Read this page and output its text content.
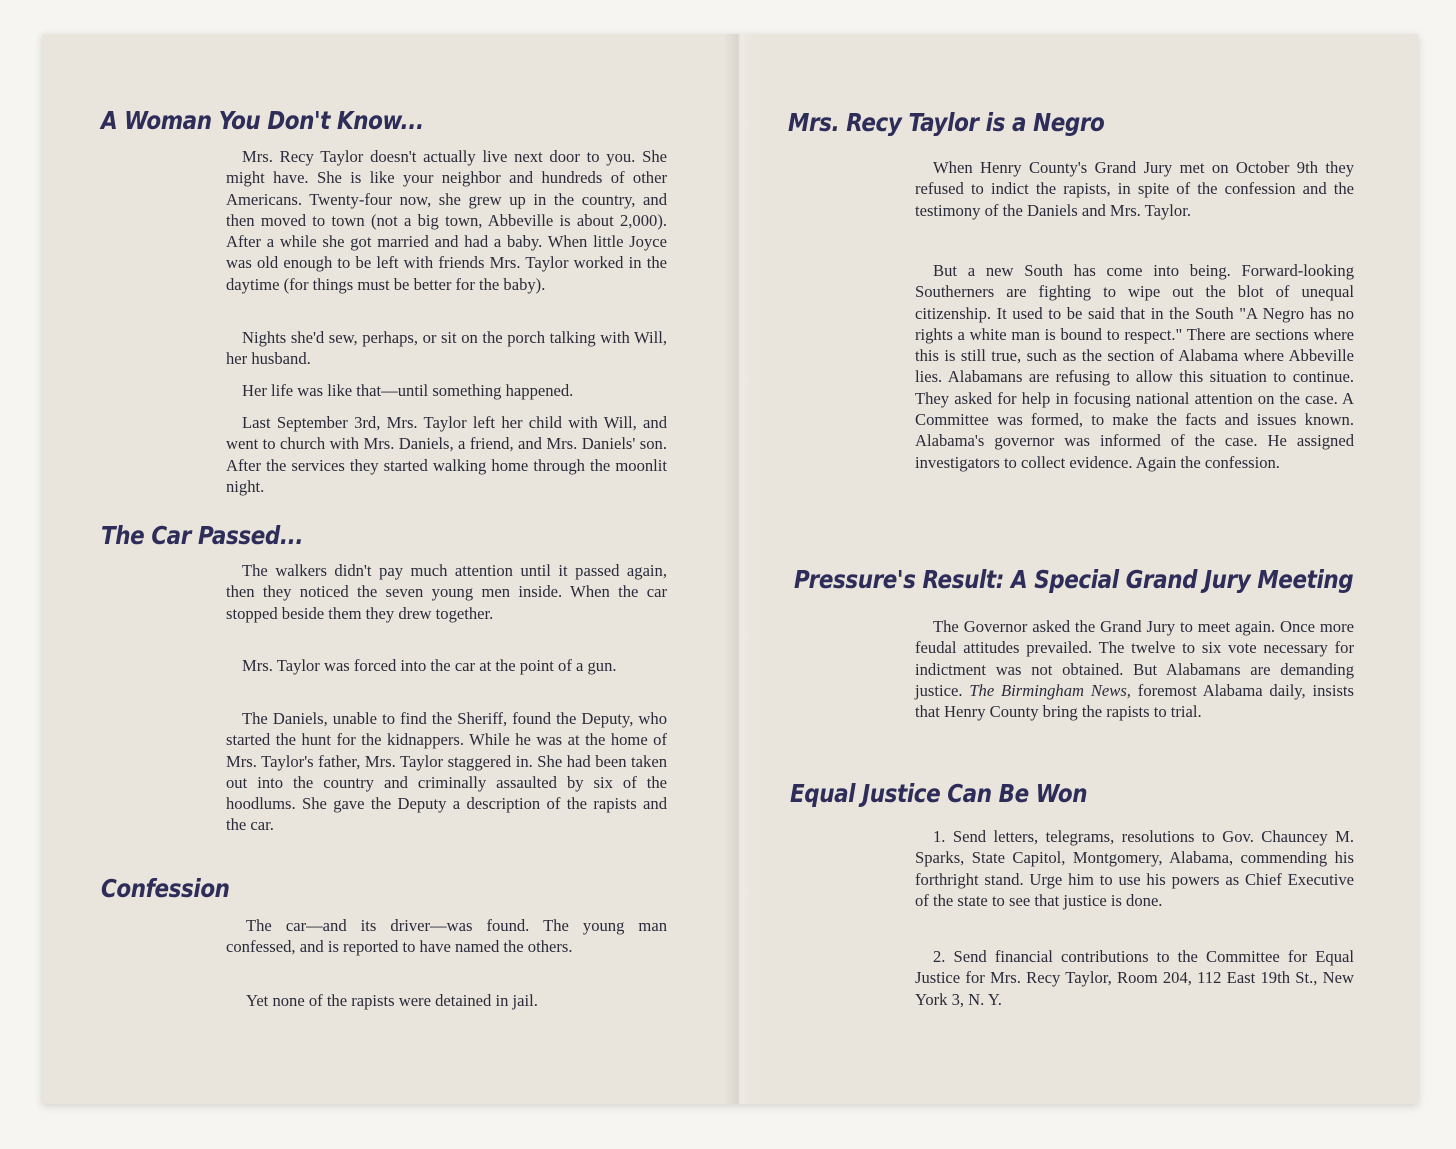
A Woman You Don't Know...

Mrs. Recy Taylor doesn't actually live next door to you. She might have. She is like your neighbor and hundreds of other Americans. Twenty-four now, she grew up in the country, and then moved to town (not a big town, Abbeville is about 2,000). After a while she got married and had a baby. When little Joyce was old enough to be left with friends Mrs. Taylor worked in the daytime (for things must be better for the baby).

Nights she'd sew, perhaps, or sit on the porch talking with Will, her husband.

Her life was like that—until something happened.

Last September 3rd, Mrs. Taylor left her child with Will, and went to church with Mrs. Daniels, a friend, and Mrs. Daniels' son. After the services they started walking home through the moonlit night.

The Car Passed...

The walkers didn't pay much attention until it passed again, then they noticed the seven young men inside. When the car stopped beside them they drew together.

Mrs. Taylor was forced into the car at the point of a gun.

The Daniels, unable to find the Sheriff, found the Deputy, who started the hunt for the kidnappers. While he was at the home of Mrs. Taylor's father, Mrs. Taylor staggered in. She had been taken out into the country and criminally assaulted by six of the hoodlums. She gave the Deputy a description of the rapists and the car.

Confession

The car—and its driver—was found. The young man confessed, and is reported to have named the others.

Yet none of the rapists were detained in jail.

Mrs. Recy Taylor is a Negro

When Henry County's Grand Jury met on October 9th they refused to indict the rapists, in spite of the confession and the testimony of the Daniels and Mrs. Taylor.

But a new South has come into being. Forward-looking Southerners are fighting to wipe out the blot of unequal citizenship. It used to be said that in the South "A Negro has no rights a white man is bound to respect." There are sections where this is still true, such as the section of Alabama where Abbeville lies. Alabamans are refusing to allow this situation to continue. They asked for help in focusing national attention on the case. A Committee was formed, to make the facts and issues known. Alabama's governor was informed of the case. He assigned investigators to collect evidence. Again the confession.

Pressure's Result: A Special Grand Jury Meeting

The Governor asked the Grand Jury to meet again. Once more feudal attitudes prevailed. The twelve to six vote necessary for indictment was not obtained. But Alabamans are demanding justice. The Birmingham News, foremost Alabama daily, insists that Henry County bring the rapists to trial.

Equal Justice Can Be Won

1. Send letters, telegrams, resolutions to Gov. Chauncey M. Sparks, State Capitol, Montgomery, Alabama, commending his forthright stand. Urge him to use his powers as Chief Executive of the state to see that justice is done.

2. Send financial contributions to the Committee for Equal Justice for Mrs. Recy Taylor, Room 204, 112 East 19th St., New York 3, N. Y.
